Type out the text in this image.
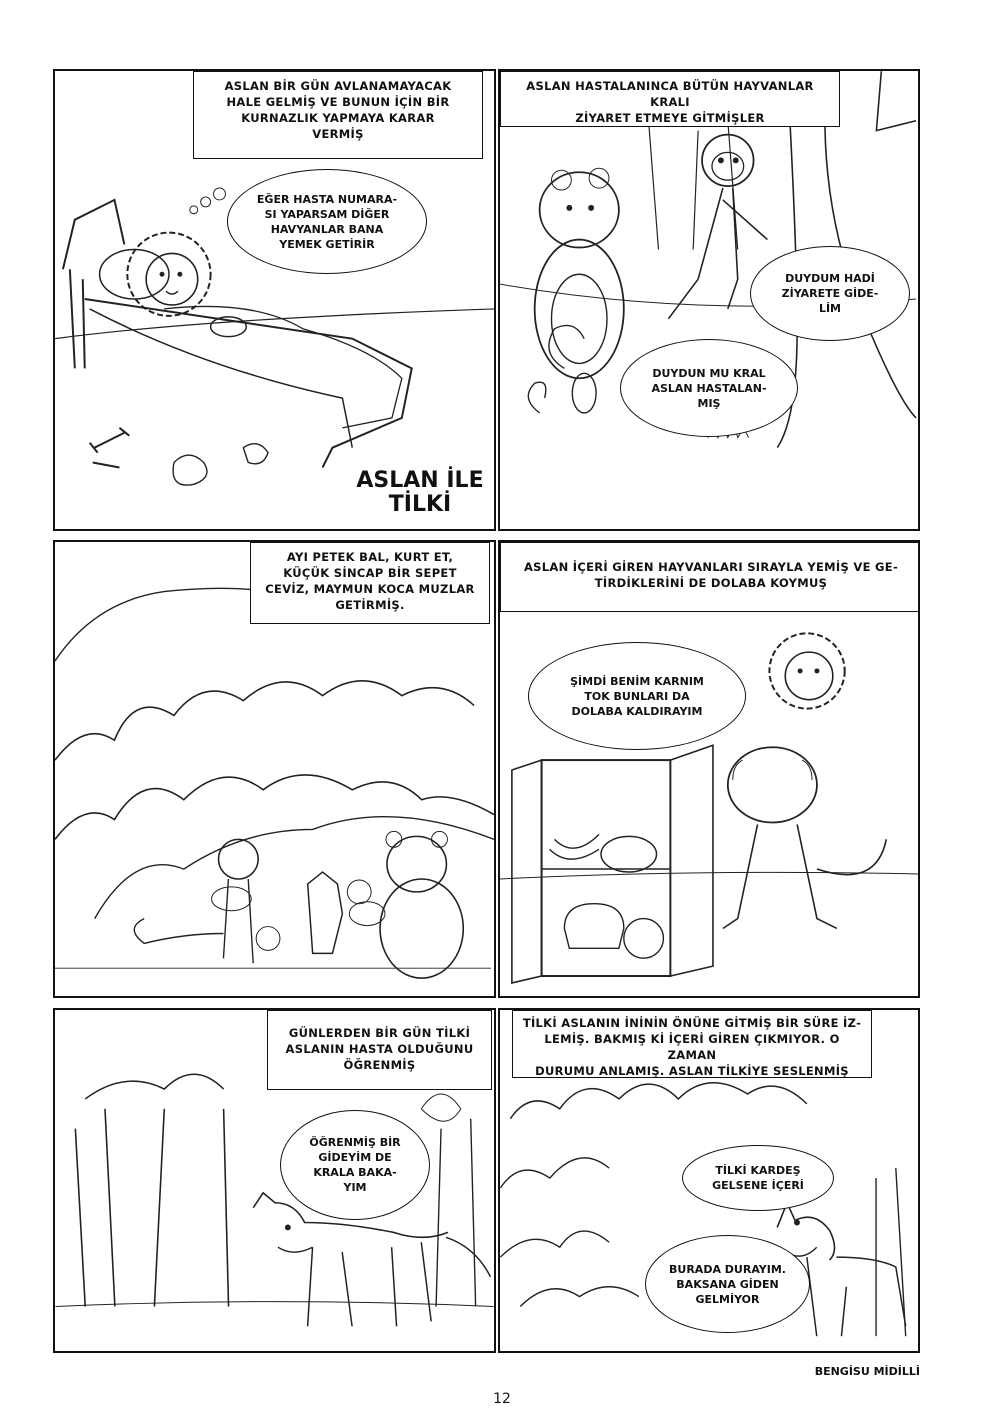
ASLAN BİR GÜN AVLANAMAYACAK
HALE GELMİŞ VE BUNUN İÇİN BİR
KURNAZLIK YAPMAYA KARAR
VERMİŞ
EĞER HASTA NUMARA-
SI YAPARSAM DİĞER
HAVYANLAR BANA
YEMEK GETİRİR
ASLAN İLE
TİLKİ
ASLAN HASTALANINCA BÜTÜN HAYVANLAR KRALI
ZİYARET ETMEYE GİTMİŞLER
DUYDUM HADİ
ZİYARETE GİDE-
LİM
DUYDUN MU KRAL
ASLAN HASTALAN-
MIŞ
AYI PETEK BAL, KURT ET,
KÜÇÜK SİNCAP BİR SEPET
CEVİZ, MAYMUN KOCA MUZLAR
GETİRMİŞ.
ASLAN İÇERİ GİREN HAYVANLARI SIRAYLA YEMİŞ VE GE-
TİRDİKLERİNİ DE DOLABA KOYMUŞ
ŞİMDİ BENİM KARNIM
TOK BUNLARI DA
DOLABA KALDIRAYIM
GÜNLERDEN BİR GÜN TİLKİ
ASLANIN HASTA OLDUĞUNU
ÖĞRENMİŞ
ÖĞRENMİŞ BİR
GİDEYİM DE
KRALA BAKA-
YIM
TİLKİ ASLANIN İNİNİN ÖNÜNE GİTMİŞ BİR SÜRE İZ-
LEMİŞ. BAKMIŞ Kİ İÇERİ GİREN ÇIKMIYOR. O ZAMAN
DURUMU ANLAMIŞ. ASLAN TİLKİYE SESLENMİŞ
TİLKİ KARDEŞ
GELSENE İÇERİ
BURADA DURAYIM.
BAKSANA GİDEN
GELMİYOR
BENGİSU MİDİLLİ
12
